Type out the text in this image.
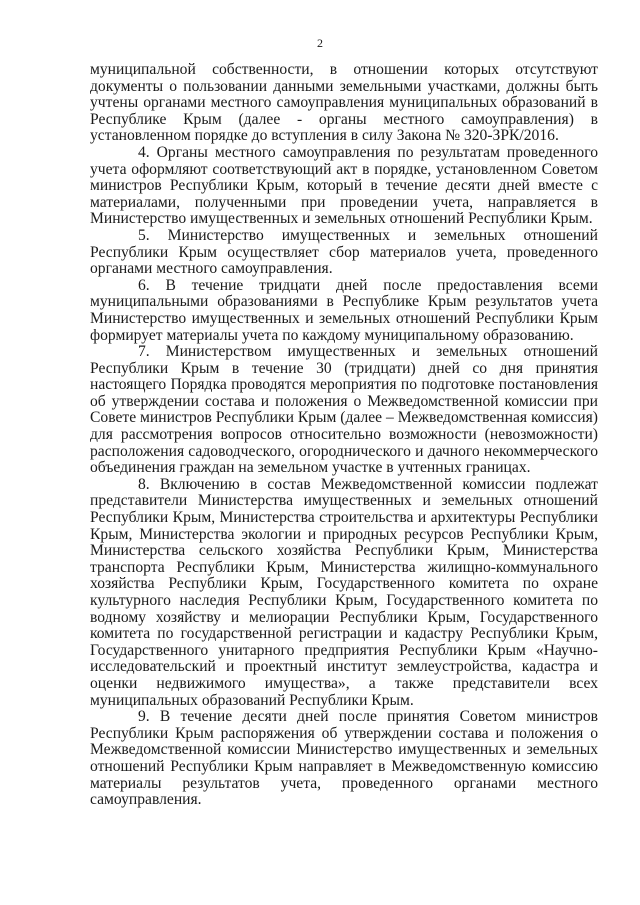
2

муниципальной собственности, в отношении которых отсутствуют документы о пользовании данными земельными участками, должны быть учтены органами местного самоуправления муниципальных образований в Республике Крым (далее - органы местного самоуправления) в установленном порядке до вступления в силу Закона № 320-ЗРК/2016.

4. Органы местного самоуправления по результатам проведенного учета оформляют соответствующий акт в порядке, установленном Советом министров Республики Крым, который в течение десяти дней вместе с материалами, полученными при проведении учета, направляется в Министерство имущественных и земельных отношений Республики Крым.

5. Министерство имущественных и земельных отношений Республики Крым осуществляет сбор материалов учета, проведенного органами местного самоуправления.

6. В течение тридцати дней после предоставления всеми муниципальными образованиями в Республике Крым результатов учета Министерство имущественных и земельных отношений Республики Крым формирует материалы учета по каждому муниципальному образованию.

7. Министерством имущественных и земельных отношений Республики Крым в течение 30 (тридцати) дней со дня принятия настоящего Порядка проводятся мероприятия по подготовке постановления об утверждении состава и положения о Межведомственной комиссии при Совете министров Республики Крым (далее – Межведомственная комиссия) для рассмотрения вопросов относительно возможности (невозможности) расположения садоводческого, огороднического и дачного некоммерческого объединения граждан на земельном участке в учтенных границах.

8. Включению в состав Межведомственной комиссии подлежат представители Министерства имущественных и земельных отношений Республики Крым, Министерства строительства и архитектуры Республики Крым, Министерства экологии и природных ресурсов Республики Крым, Министерства сельского хозяйства Республики Крым, Министерства транспорта Республики Крым, Министерства жилищно-коммунального хозяйства Республики Крым, Государственного комитета по охране культурного наследия Республики Крым, Государственного комитета по водному хозяйству и мелиорации Республики Крым, Государственного комитета по государственной регистрации и кадастру Республики Крым, Государственного унитарного предприятия Республики Крым «Научно-исследовательский и проектный институт землеустройства, кадастра и оценки недвижимого имущества», а также представители всех муниципальных образований Республики Крым.

9. В течение десяти дней после принятия Советом министров Республики Крым распоряжения об утверждении состава и положения о Межведомственной комиссии Министерство имущественных и земельных отношений Республики Крым направляет в Межведомственную комиссию материалы результатов учета, проведенного органами местного самоуправления.
